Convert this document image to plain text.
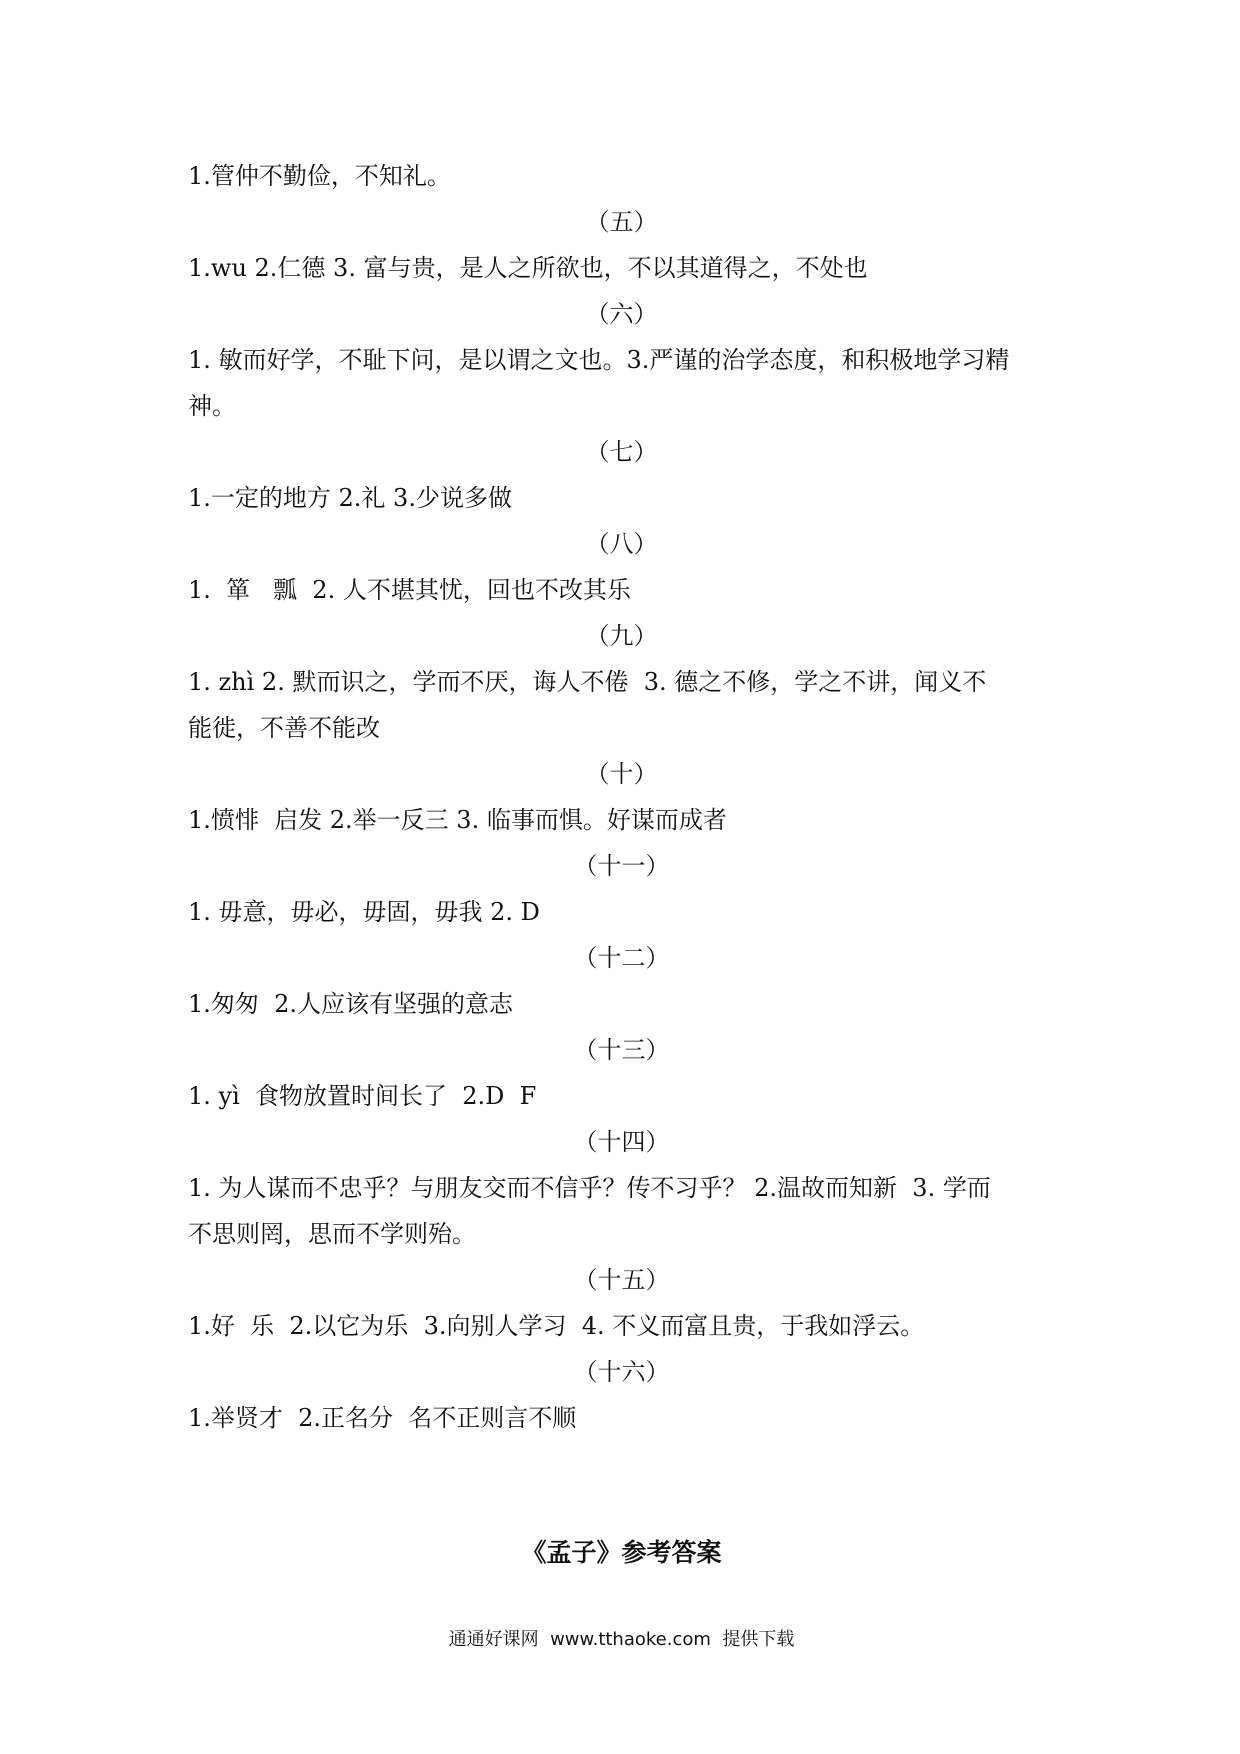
1.管仲不勤俭，不知礼。
（五）
1.wu 2.仁德 3. 富与贵，是人之所欲也，不以其道得之，不处也
（六）
1. 敏而好学，不耻下问，是以谓之文也。3.严谨的治学态度，和积极地学习精
神。
（七）
1.一定的地方 2.礼 3.少说多做
（八）
1.  箪   瓢  2. 人不堪其忧，回也不改其乐
（九）
1. zhì 2. 默而识之，学而不厌，诲人不倦  3. 德之不修，学之不讲，闻义不
能徙，不善不能改
（十）
1.愤悱  启发 2.举一反三 3. 临事而惧。好谋而成者
（十一）
1. 毋意，毋必，毋固，毋我 2. D
（十二）
1.匆匆  2.人应该有坚强的意志
（十三）
1. yì  食物放置时间长了  2.D  F
（十四）
1. 为人谋而不忠乎？与朋友交而不信乎？传不习乎？ 2.温故而知新  3. 学而
不思则罔，思而不学则殆。
（十五）
1.好  乐  2.以它为乐  3.向别人学习  4. 不义而富且贵，于我如浮云。
（十六）
1.举贤才  2.正名分  名不正则言不顺
《孟子》参考答案
通通好课网  www.tthaoke.com  提供下载
